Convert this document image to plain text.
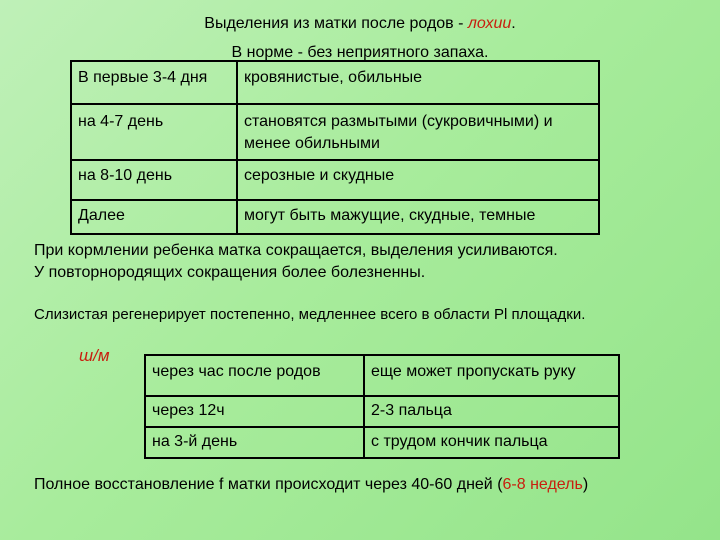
Выделения из матки после родов - лохии.
В норме - без неприятного запаха.
В первые 3-4 дня	кровянистые, обильные
на 4-7 день	становятся размытыми (сукровичными) и менее обильными
на 8-10 день	серозные и скудные
Далее	могут быть мажущие, скудные, темные
При кормлении ребенка матка сокращается, выделения усиливаются.
У повторнородящих сокращения более болезненны.
Слизистая регенерирует постепенно, медленнее всего в области Pl площадки.
ш/м
через час после родов	еще может пропускать руку
через 12ч	2-3 пальца
на 3-й день	с трудом кончик пальца
Полное восстановление f матки происходит через 40-60 дней (6-8 недель)
